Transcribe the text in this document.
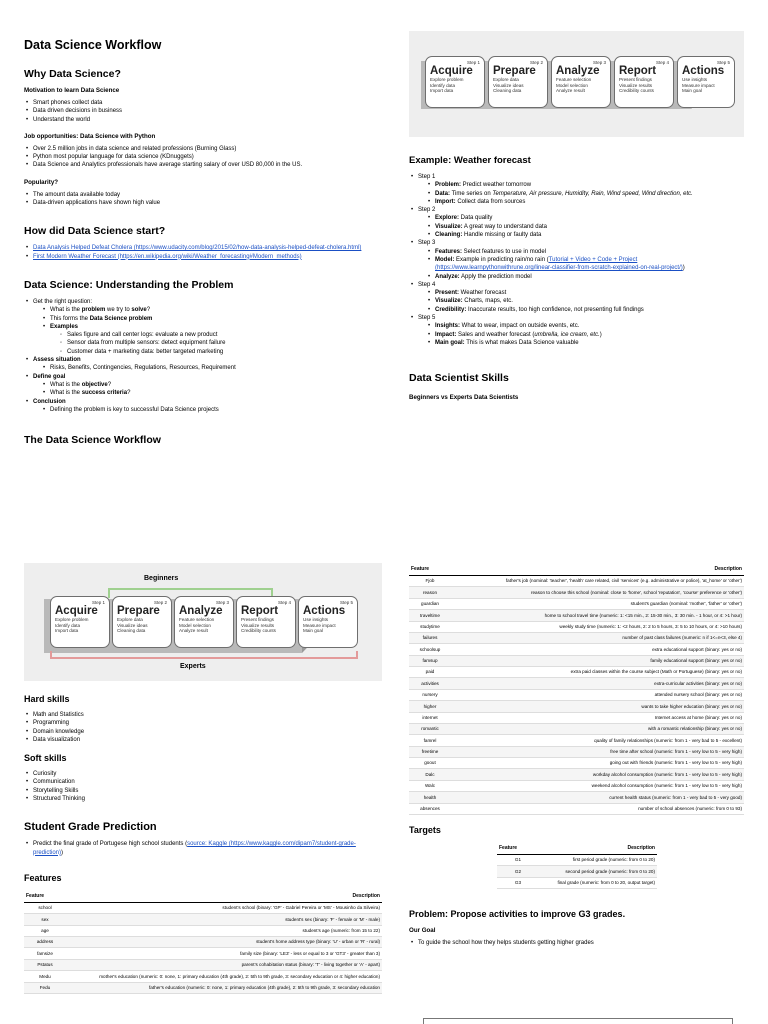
Data Science Workflow
Why Data Science?
Motivation to learn Data Science
• Smart phones collect data
• Data driven decisions in business
• Understand the world
Job opportunities: Data Science with Python
• Over 2.5 million jobs in data science and related professions (Burning Glass)
• Python most popular language for data science (KDnuggets)
• Data Science and Analytics professionals have average starting salary of over USD 80,000 in the US.
Popularity?
• The amount data available today
• Data-driven applications have shown high value
How did Data Science start?
• Data Analysis Helped Defeat Cholera (https://www.udacity.com/blog/2015/02/how-data-analysis-helped-defeat-cholera.html)
• First Modern Weather Forecast (https://en.wikipedia.org/wiki/Weather_forecasting#Modern_methods)
Data Science: Understanding the Problem
• Get the right question:
• What is the problem we try to solve?
• This forms the Data Science problem
• Examples
◦ Sales figure and call center logs: evaluate a new product
◦ Sensor data from multiple sensors: detect equipment failure
◦ Customer data + marketing data: better targeted marketing
• Assess situation
• Risks, Benefits, Contingencies, Regulations, Resources, Requirement
• Define goal
• What is the objective?
• What is the success criteria?
• Conclusion
• Defining the problem is key to successful Data Science projects
The Data Science Workflow
Step 1
Acquire
Explore problem
Identify data
Import data
Step 2
Prepare
Explore data
Visualize ideas
Cleaning data
Step 3
Analyze
Feature selection
Model selection
Analyze result
Step 4
Report
Present findings
Visualize results
Credibility counts
Step 5
Actions
Use insights
Measure impact
Main goal
Example: Weather forecast
• Step 1
• Problem: Predict weather tomorrow
• Data: Time series on Temperature, Air pressure, Humidity, Rain, Wind speed, Wind direction, etc.
• Import: Collect data from sources
• Step 2
• Explore: Data quality
• Visualize: A great way to understand data
• Cleaning: Handle missing or faulty data
• Step 3
• Features: Select features to use in model
• Model: Example in predicting rain/no rain (Tutorial + Video + Code + Project (https://www.learnpythonwithrune.org/linear-classifier-from-scratch-explained-on-real-project/))
• Analyze: Apply the prediction model
• Step 4
• Present: Weather forecast
• Visualize: Charts, maps, etc.
• Credibility: Inaccurate results, too high confidence, not presenting full findings
• Step 5
• Insights: What to wear, impact on outside events, etc.
• Impact: Sales and weather forecast (umbrella, ice cream, etc.)
• Main goal: This is what makes Data Science valuable
Data Scientist Skills
Beginners vs Experts Data Scientists
Beginners
Step 1
Acquire
Explore problem
Identify data
Import data
Step 2
Prepare
Explore data
Visualize ideas
Cleaning data
Step 3
Analyze
Feature selection
Model selection
Analyze result
Step 4
Report
Present findings
Visualize results
Credibility counts
Step 5
Actions
Use insights
Measure impact
Main goal
Experts
Hard skills
• Math and Statistics
• Programming
• Domain knowledge
• Data visualization
Soft skills
• Curiosity
• Communication
• Storytelling Skills
• Structured Thinking
Student Grade Prediction
• Predict the final grade of Portugese high school students (source: Kaggle (https://www.kaggle.com/dipam7/student-grade-prediction))
Features
Feature	Description
school	student's school (binary: 'GP' - Gabriel Pereira or 'MS' - Mousinho da Silveira)
sex	student's sex (binary: 'F' - female or 'M' - male)
age	student's age (numeric: from 15 to 22)
address	student's home address type (binary: 'U' - urban or 'R' - rural)
famsize	family size (binary: 'LE3' - less or equal to 3 or 'GT3' - greater than 3)
Pstatus	parent's cohabitation status (binary: 'T' - living together or 'A' - apart)
Medu	mother's education (numeric: 0: none, 1: primary education (4th grade), 2: 5th to 9th grade, 3: secondary education or 4: higher education)
Fedu	father's education (numeric: 0: none, 1: primary education (4th grade), 2: 5th to 9th grade, 3: secondary education
Feature	Description
Fjob	father's job (nominal: 'teacher', 'health' care related, civil 'services' (e.g. administrative or police), 'at_home' or 'other')
reason	reason to choose this school (nominal: close to 'home', school 'reputation', 'course' preference or 'other')
guardian	student's guardian (nominal: 'mother', 'father' or 'other')
traveltime	home to school travel time (numeric: 1: <15 min., 2: 15-30 min., 3: 30 min. - 1 hour, or 4: >1 hour)
studytime	weekly study time (numeric: 1: <2 hours, 2: 2 to 5 hours, 3: 5 to 10 hours, or 4: >10 hours)
failures	number of past class failures (numeric: n if 1<=n<3, else 4)
schoolsup	extra educational support (binary: yes or no)
famsup	family educational support (binary: yes or no)
paid	extra paid classes within the course subject (Math or Portuguese) (binary: yes or no)
activities	extra-curricular activities (binary: yes or no)
nursery	attended nursery school (binary: yes or no)
higher	wants to take higher education (binary: yes or no)
internet	Internet access at home (binary: yes or no)
romantic	with a romantic relationship (binary: yes or no)
famrel	quality of family relationships (numeric: from 1 - very bad to 5 - excellent)
freetime	free time after school (numeric: from 1 - very low to 5 - very high)
goout	going out with friends (numeric: from 1 - very low to 5 - very high)
Dalc	workday alcohol consumption (numeric: from 1 - very low to 5 - very high)
Walc	weekend alcohol consumption (numeric: from 1 - very low to 5 - very high)
health	current health status (numeric: from 1 - very bad to 5 - very good)
absences	number of school absences (numeric: from 0 to 93)
Targets
Feature	Description
G1	first period grade (numeric: from 0 to 20)
G2	second period grade (numeric: from 0 to 20)
G3	final grade (numeric: from 0 to 20, output target)
Problem: Propose activities to improve G3 grades.
Our Goal
• To guide the school how they helps students getting higher grades
